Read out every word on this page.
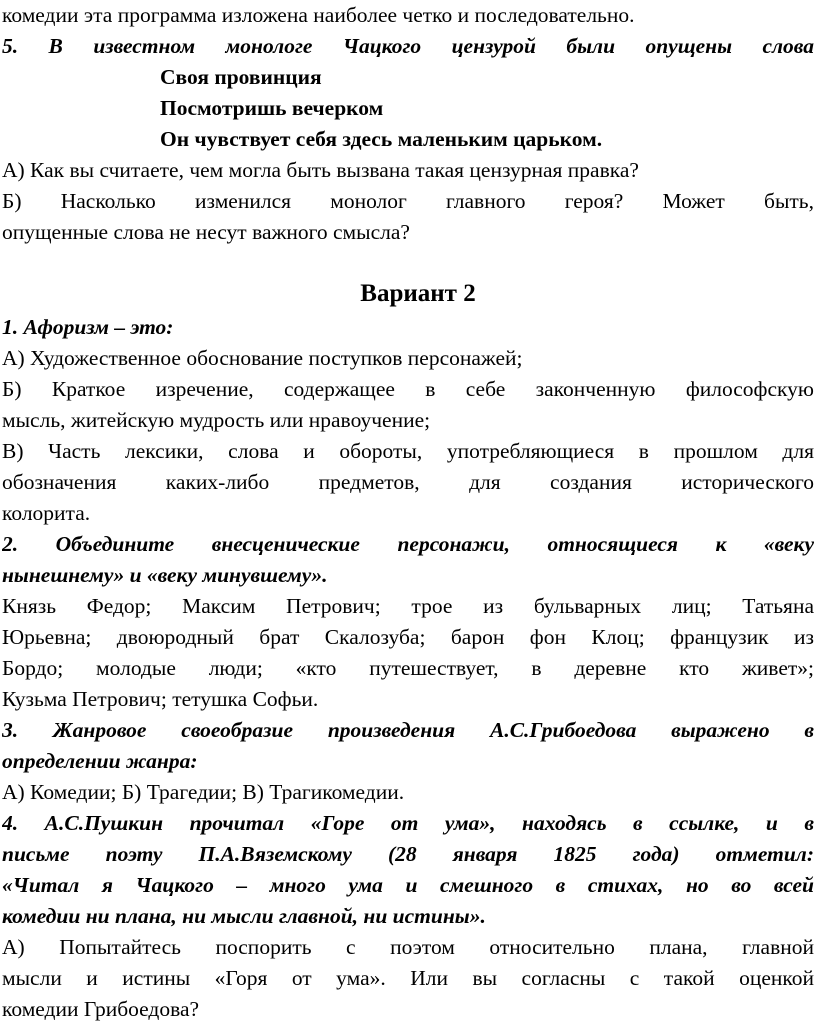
комедии эта программа изложена наиболее четко и последовательно.
5. В известном монологе Чацкого цензурой были опущены слова
Своя провинция
Посмотришь вечерком
Он чувствует себя здесь маленьким царьком.
А) Как вы считаете, чем могла быть вызвана такая цензурная правка?
Б) Насколько изменился монолог главного героя? Может быть,
опущенные слова не несут важного смысла?
Вариант 2
1. Афоризм – это:
А) Художественное обоснование поступков персонажей;
Б) Краткое изречение, содержащее в себе законченную философскую
мысль, житейскую мудрость или нравоучение;
В) Часть лексики, слова и обороты, употребляющиеся в прошлом для
обозначения каких-либо предметов, для создания исторического
колорита.
2. Объедините внесценические персонажи, относящиеся к «веку
нынешнему» и «веку минувшему».
Князь Федор; Максим Петрович; трое из бульварных лиц; Татьяна
Юрьевна; двоюродный брат Скалозуба; барон фон Клоц; французик из
Бордо; молодые люди; «кто путешествует, в деревне кто живет»;
Кузьма Петрович; тетушка Софьи.
3. Жанровое своеобразие произведения А.С.Грибоедова выражено в
определении жанра:
А) Комедии; Б) Трагедии; В) Трагикомедии.
4. А.С.Пушкин прочитал «Горе от ума», находясь в ссылке, и в
письме поэту П.А.Вяземскому (28 января 1825 года) отметил:
«Читал я Чацкого – много ума и смешного в стихах, но во всей
комедии ни плана, ни мысли главной, ни истины».
А) Попытайтесь поспорить с поэтом относительно плана, главной
мысли и истины «Горя от ума». Или вы согласны с такой оценкой
комедии Грибоедова?
